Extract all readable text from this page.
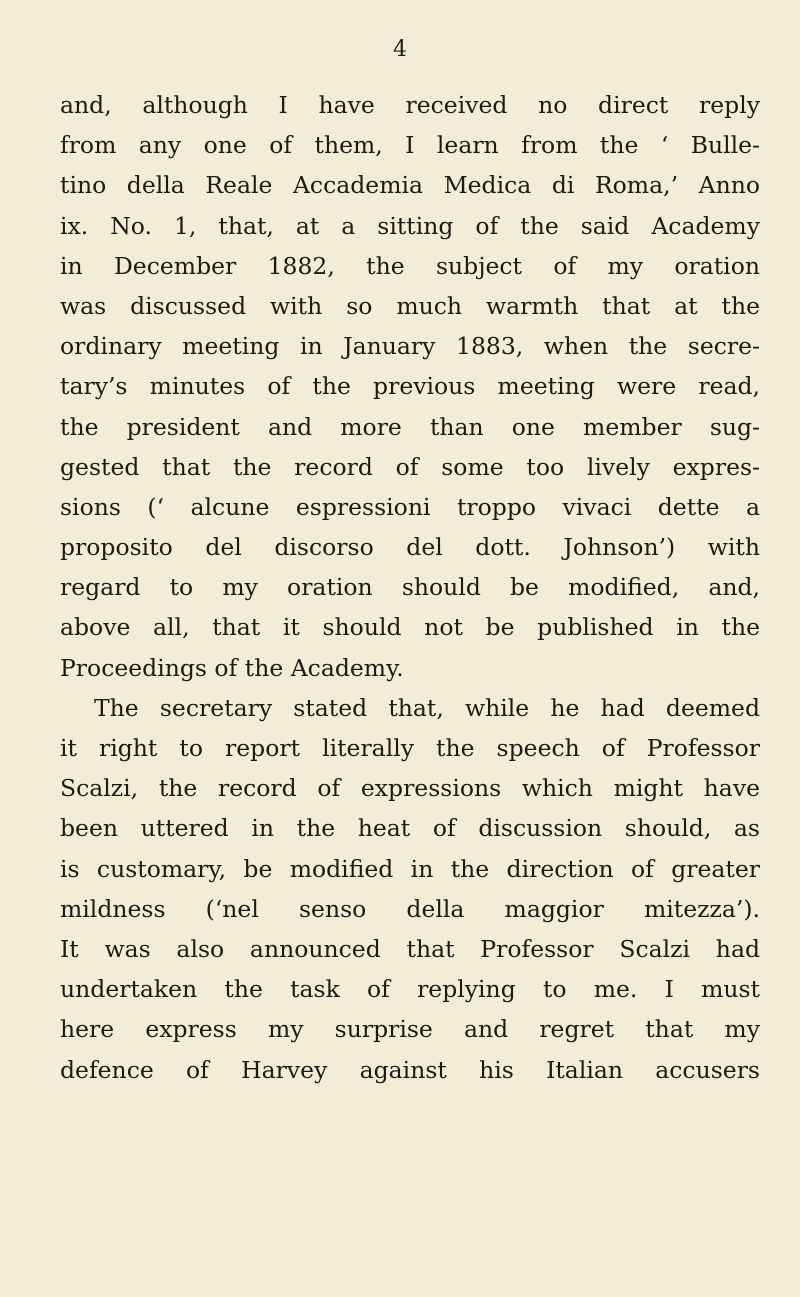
4
and, although I have received no direct reply
from any one of them, I learn from the ‘ Bulle-
tino della Reale Accademia Medica di Roma,’ Anno
ix. No. 1, that, at a sitting of the said Academy
in December 1882, the subject of my oration
was discussed with so much warmth that at the
ordinary meeting in January 1883, when the secre-
tary’s minutes of the previous meeting were read,
the president and more than one member sug-
gested that the record of some too lively expres-
sions (‘ alcune espressioni troppo vivaci dette a
proposito del discorso del dott. Johnson’) with
regard to my oration should be modified, and,
above all, that it should not be published in the
Proceedings of the Academy.
The secretary stated that, while he had deemed
it right to report literally the speech of Professor
Scalzi, the record of expressions which might have
been uttered in the heat of discussion should, as
is customary, be modified in the direction of greater
mildness (‘nel senso della maggior mitezza’).
It was also announced that Professor Scalzi had
undertaken the task of replying to me. I must
here express my surprise and regret that my
defence of Harvey against his Italian accusers
